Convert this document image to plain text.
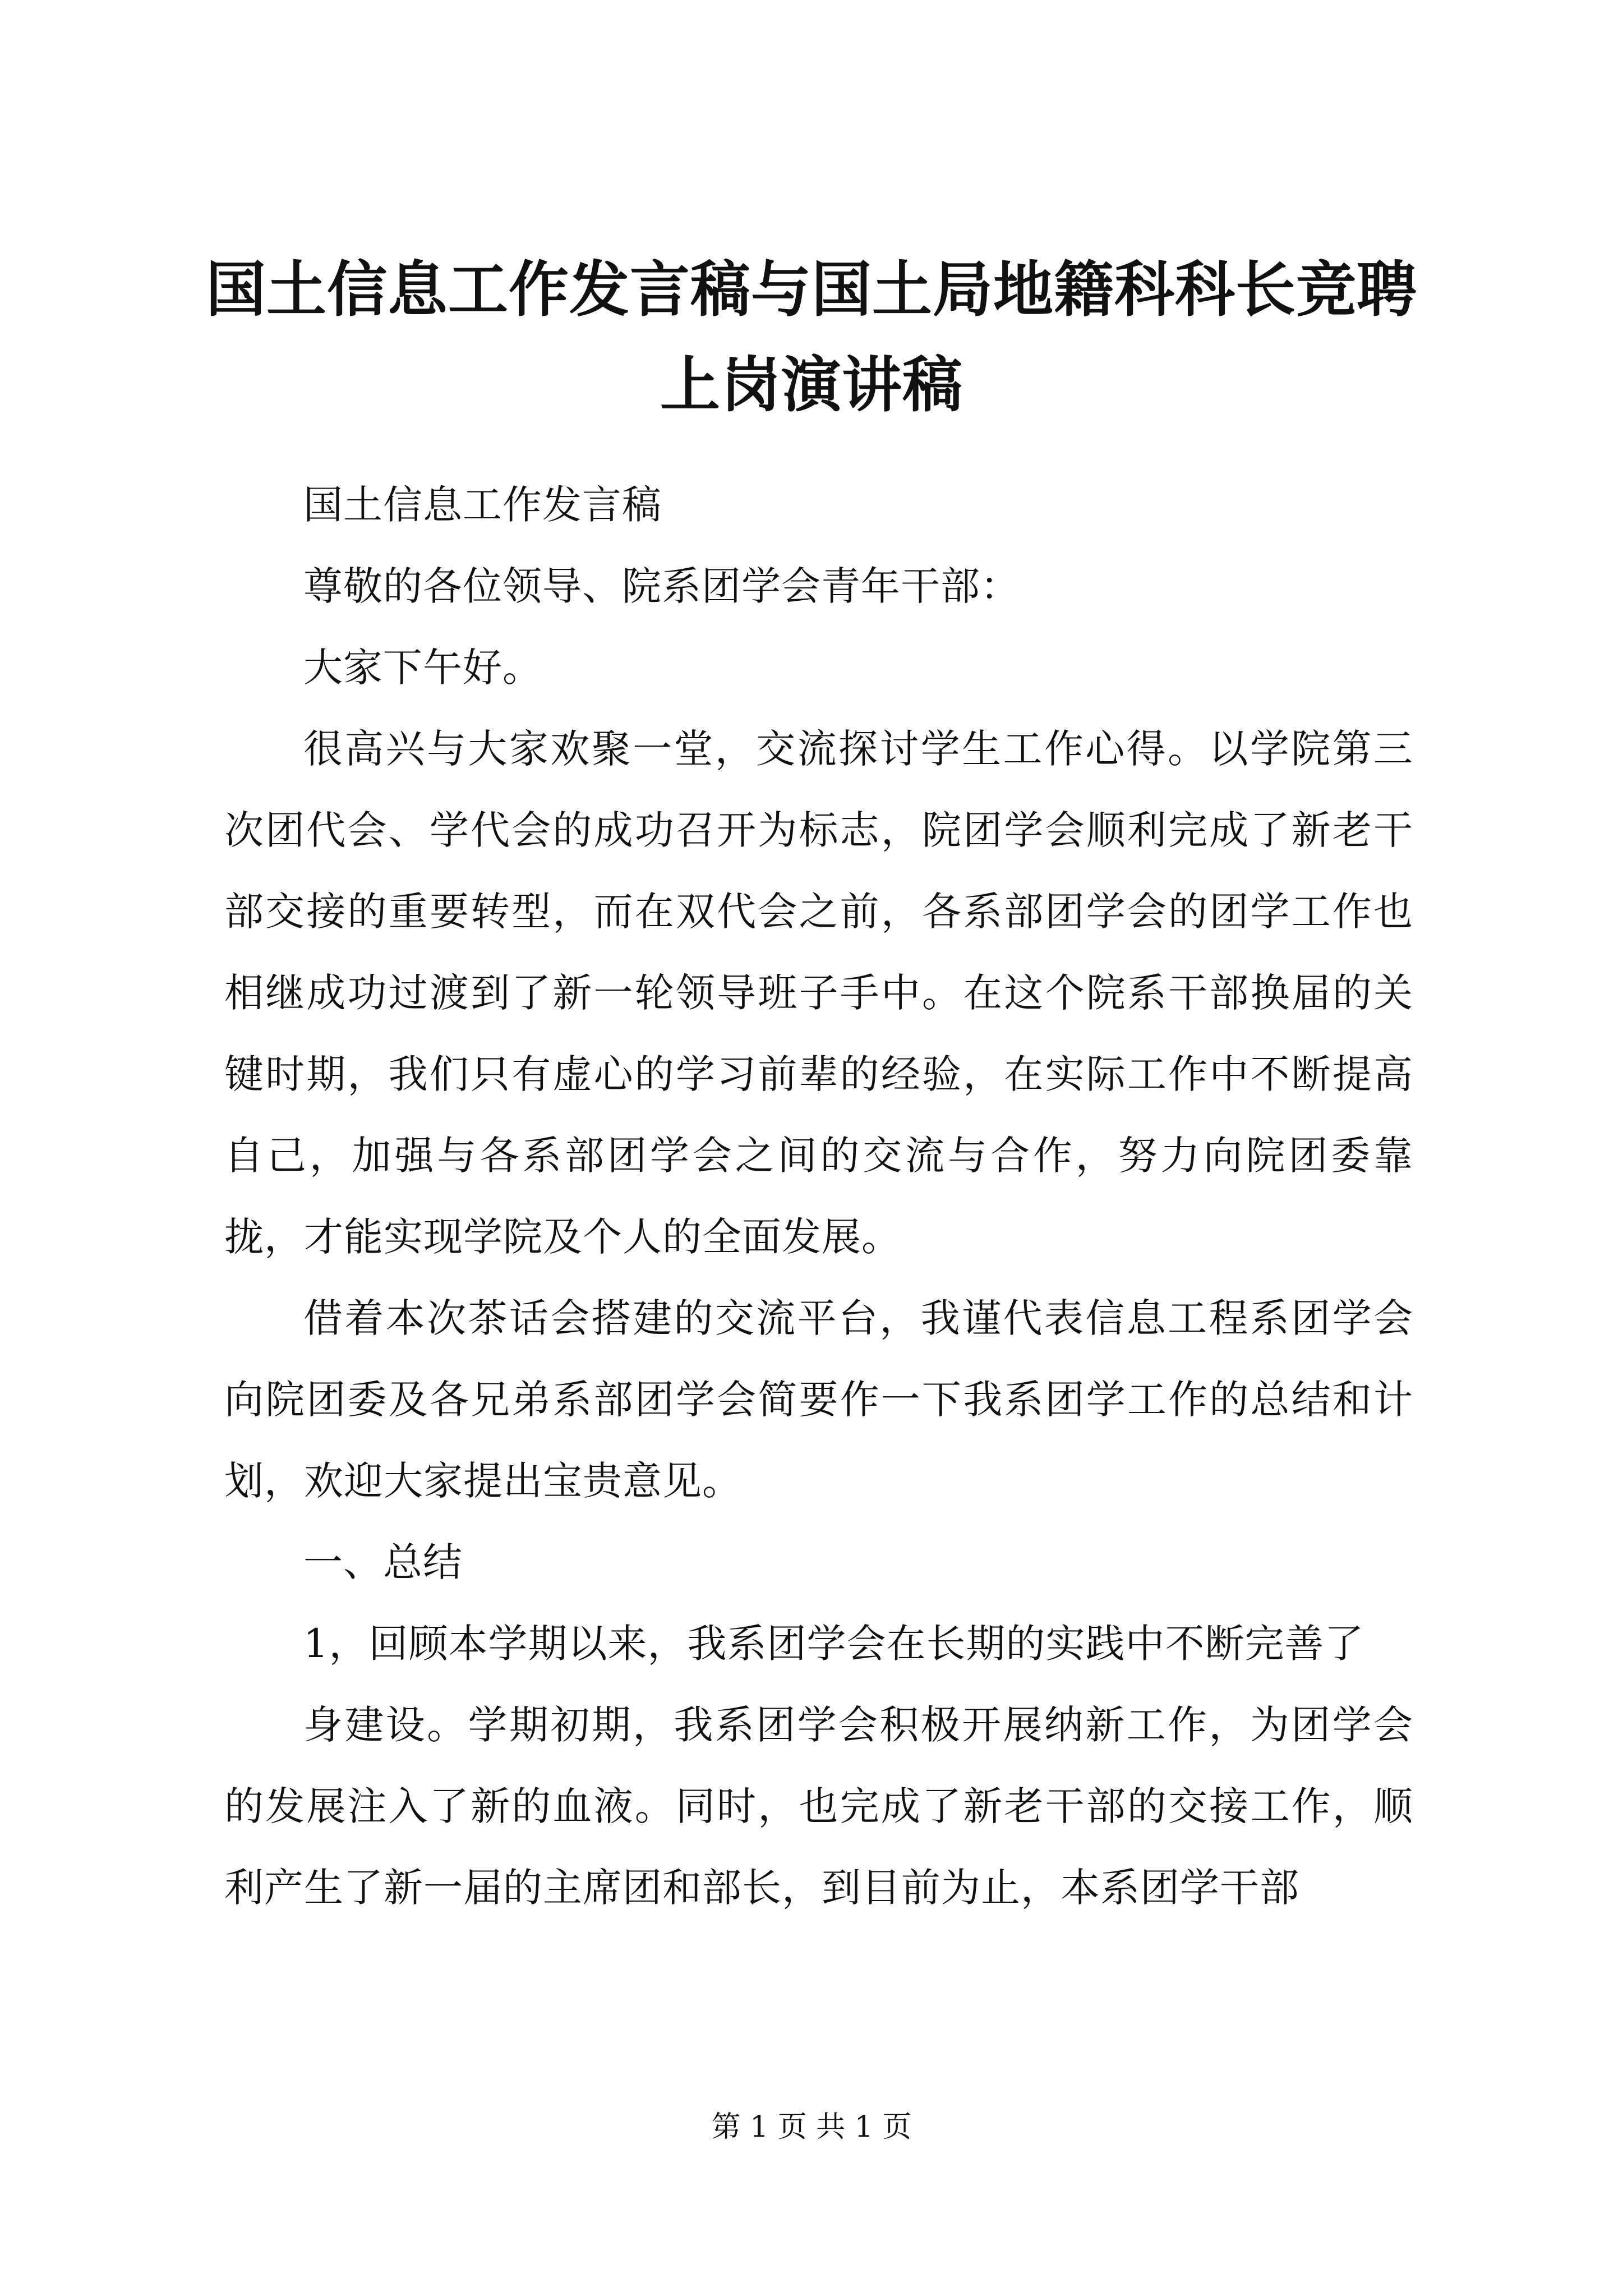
国土信息工作发言稿与国土局地籍科科长竞聘上岗演讲稿

国土信息工作发言稿

尊敬的各位领导、院系团学会青年干部：

大家下午好。

很高兴与大家欢聚一堂，交流探讨学生工作心得。以学院第三次团代会、学代会的成功召开为标志，院团学会顺利完成了新老干部交接的重要转型，而在双代会之前，各系部团学会的团学工作也相继成功过渡到了新一轮领导班子手中。在这个院系干部换届的关键时期，我们只有虚心的学习前辈的经验，在实际工作中不断提高自己，加强与各系部团学会之间的交流与合作，努力向院团委靠拢，才能实现学院及个人的全面发展。

借着本次茶话会搭建的交流平台，我谨代表信息工程系团学会向院团委及各兄弟系部团学会简要作一下我系团学工作的总结和计划，欢迎大家提出宝贵意见。

一、总结

1，回顾本学期以来，我系团学会在长期的实践中不断完善了

身建设。学期初期，我系团学会积极开展纳新工作，为团学会的发展注入了新的血液。同时，也完成了新老干部的交接工作，顺利产生了新一届的主席团和部长，到目前为止，本系团学干部

第 1 页 共 1 页
